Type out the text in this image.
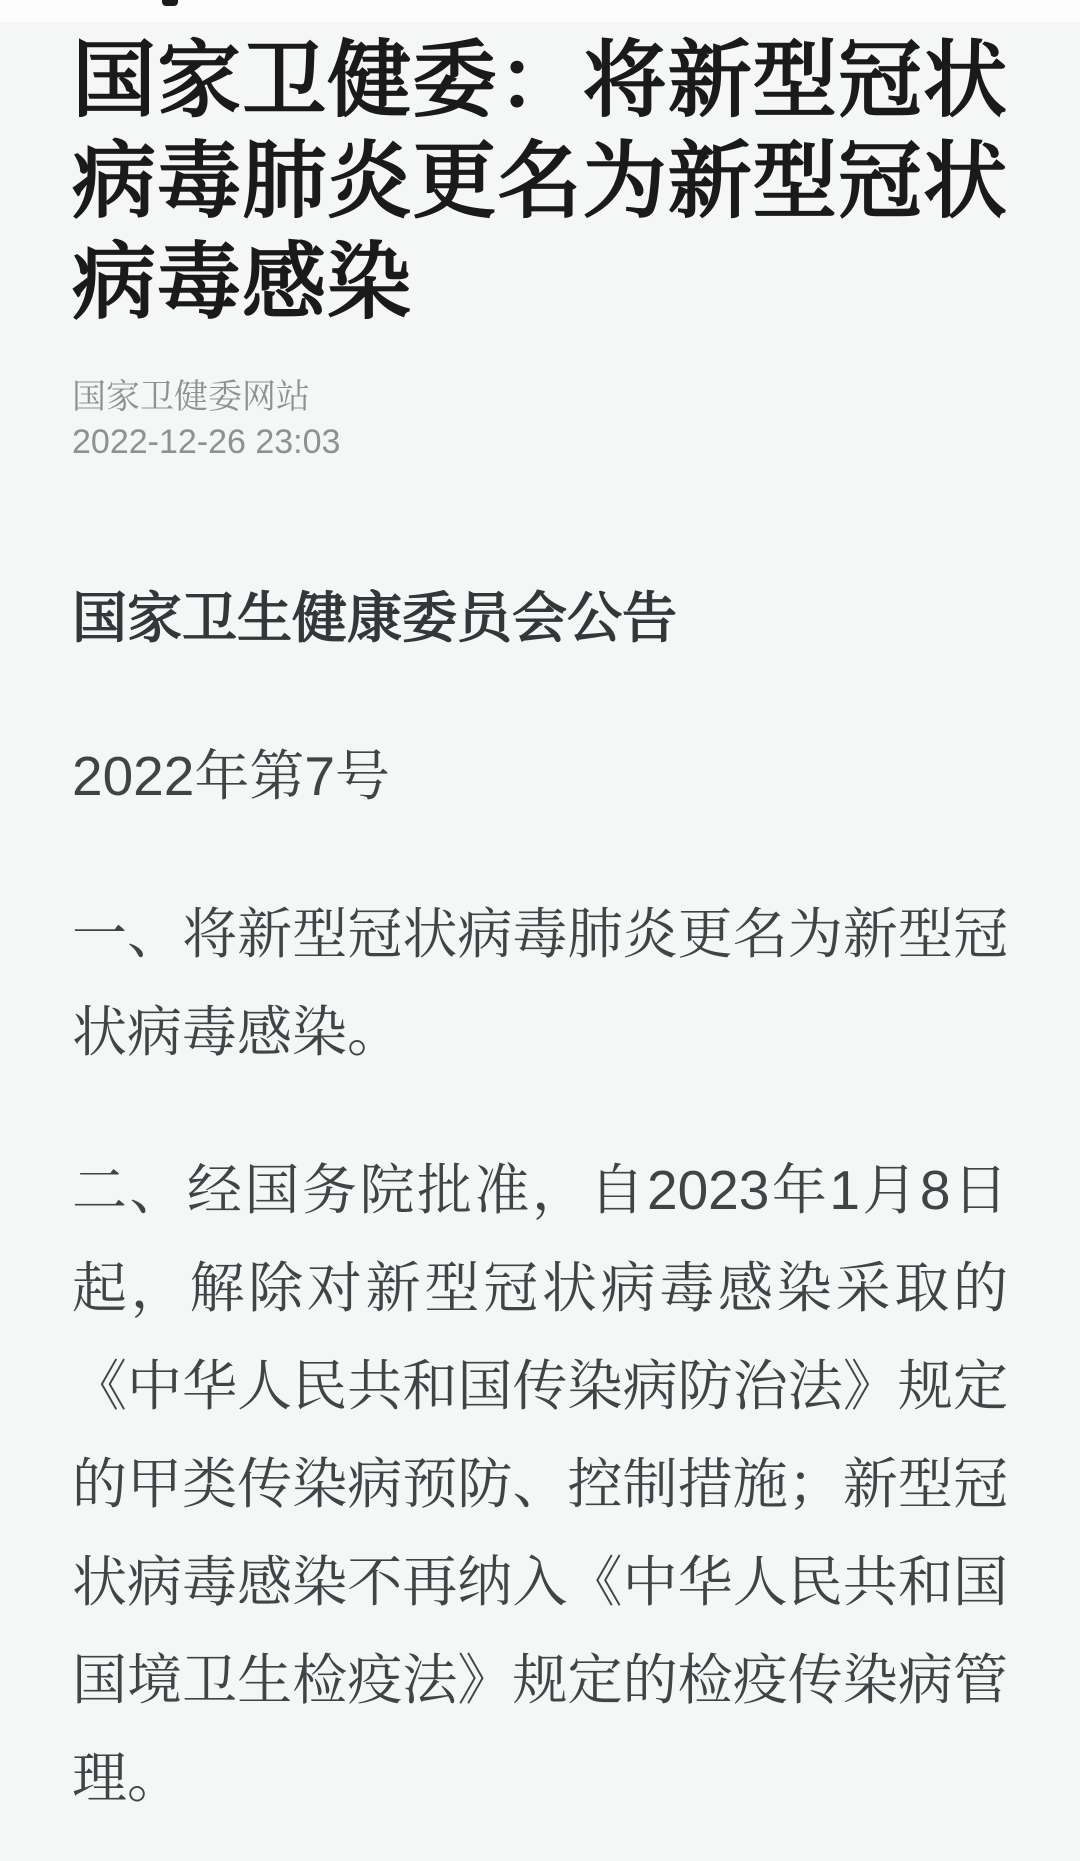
国家卫健委：将新型冠状病毒肺炎更名为新型冠状病毒感染
国家卫健委网站
2022-12-26 23:03

国家卫生健康委员会公告

2022年第7号

一、将新型冠状病毒肺炎更名为新型冠状病毒感染。

二、经国务院批准，自2023年1月8日起，解除对新型冠状病毒感染采取的《中华人民共和国传染病防治法》规定的甲类传染病预防、控制措施；新型冠状病毒感染不再纳入《中华人民共和国国境卫生检疫法》规定的检疫传染病管理。
